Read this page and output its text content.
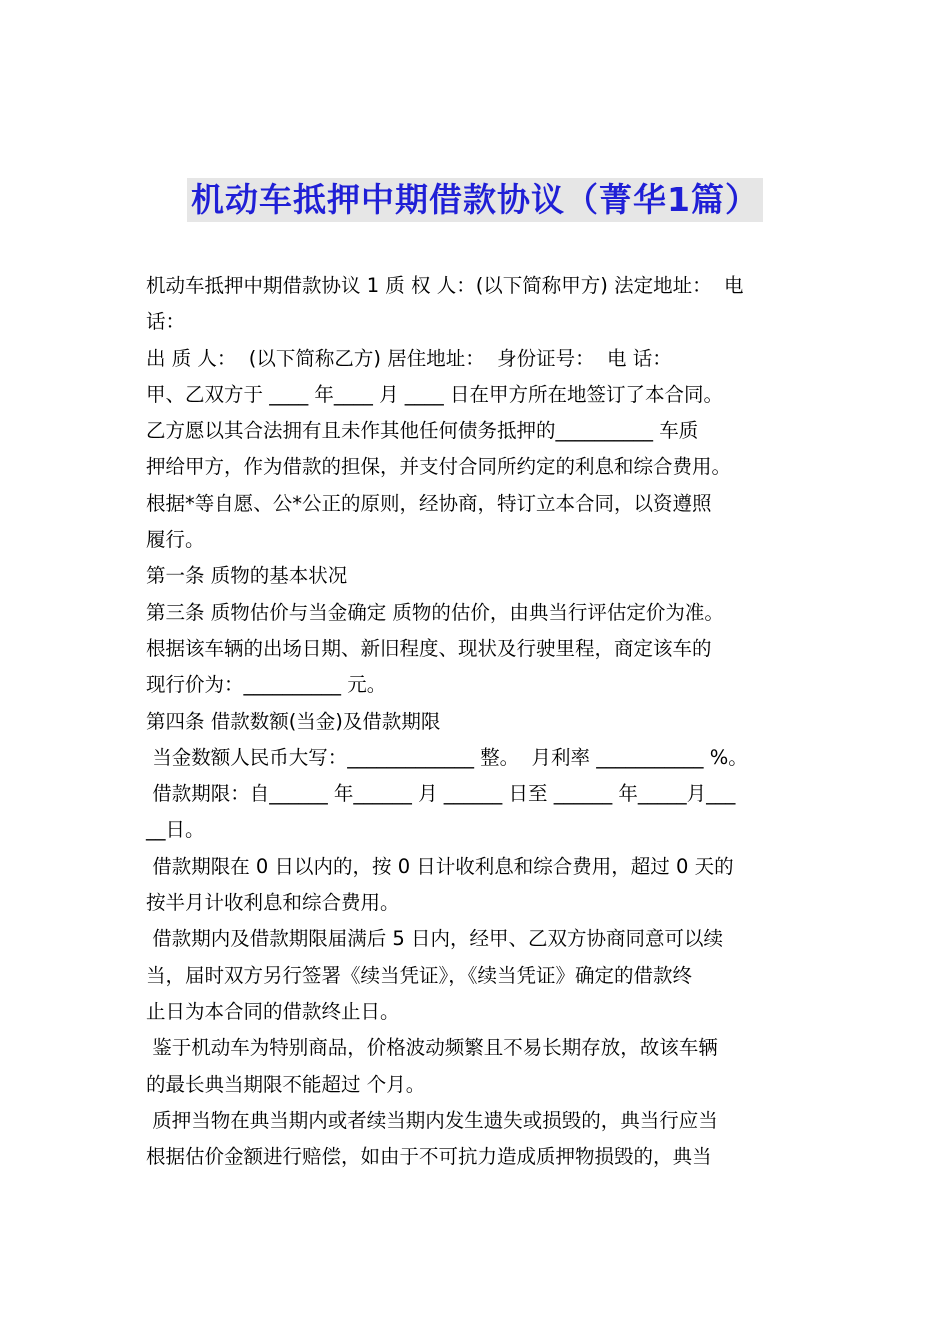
机动车抵押中期借款协议（菁华1篇）
机动车抵押中期借款协议 1 质 权 人：(以下简称甲方) 法定地址：  电
话：
出 质 人：  (以下简称乙方) 居住地址：  身份证号：  电 话：
甲、乙双方于 ____ 年____ 月 ____ 日在甲方所在地签订了本合同。
乙方愿以其合法拥有且未作其他任何债务抵押的__________ 车质
押给甲方，作为借款的担保，并支付合同所约定的利息和综合费用。
根据*等自愿、公*公正的原则，经协商，特订立本合同，以资遵照
履行。
第一条 质物的基本状况
第三条 质物估价与当金确定 质物的估价，由典当行评估定价为准。
根据该车辆的出场日期、新旧程度、现状及行驶里程，商定该车的
现行价为：__________ 元。
第四条 借款数额(当金)及借款期限
当金数额人民币大写：_____________ 整。  月利率 ___________ %。
借款期限：自______ 年______ 月 ______ 日至 ______ 年_____月___
__日。
借款期限在 0 日以内的，按 0 日计收利息和综合费用，超过 0 天的
按半月计收利息和综合费用。
借款期内及借款期限届满后 5 日内，经甲、乙双方协商同意可以续
当，届时双方另行签署《续当凭证》，《续当凭证》确定的借款终
止日为本合同的借款终止日。
鉴于机动车为特别商品，价格波动频繁且不易长期存放，故该车辆
的最长典当期限不能超过 个月。
质押当物在典当期内或者续当期内发生遗失或损毁的，典当行应当
根据估价金额进行赔偿，如由于不可抗力造成质押物损毁的，典当
